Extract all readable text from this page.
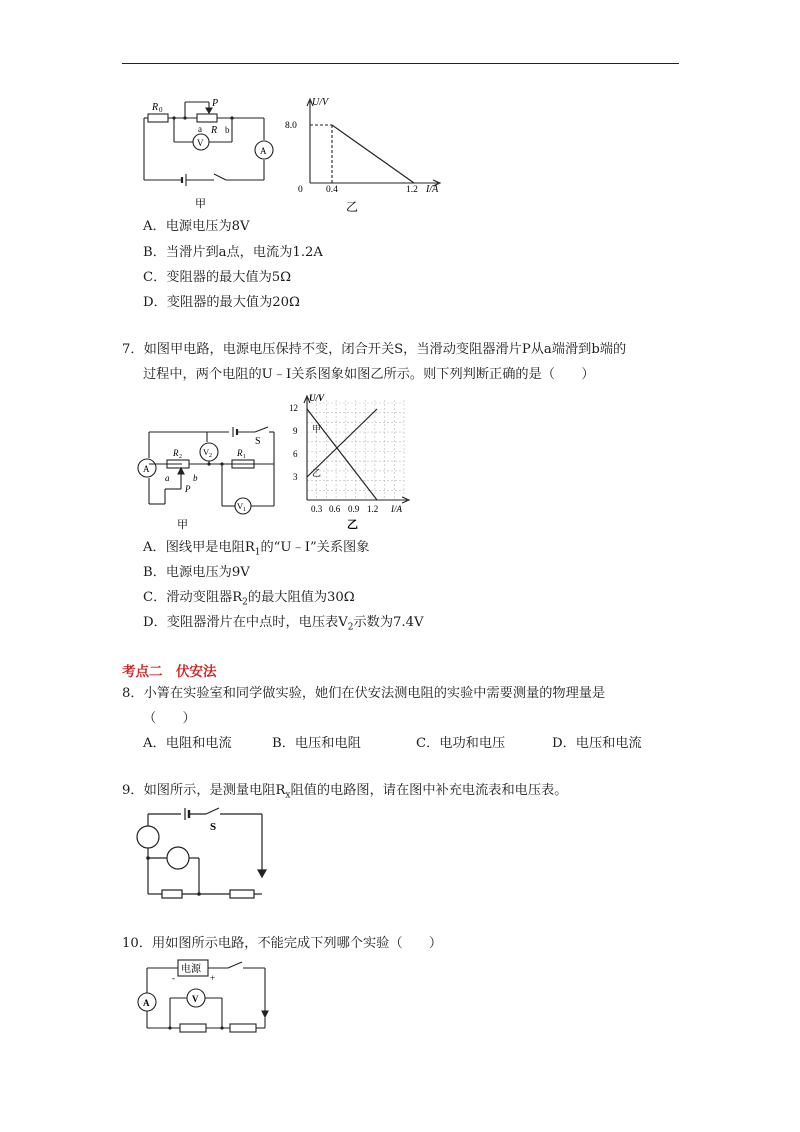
R 0
P
a R b
V
A
甲
U/V
8.0
0 0.4	1.2 I/A
乙
A．电源电压为8V
B．当滑片到a点，电流为1.2A
C．变阻器的最大值为5Ω
D．变阻器的最大值为20Ω
7．如图甲电路，电源电压保持不变，闭合开关S，当滑动变阻器滑片P从a端滑到b端的
过程中，两个电阻的U﹣I关系图象如图乙所示。则下列判断正确的是（　　）
A
V 2
V 1
S
R 2	R 1
a	b
P
甲
U/V
12
9
6
3
0.3 0.6 0.9 1.2 I/A
甲
乙
乙
A．图线甲是电阻$R_1$的“U﹣I”关系图象
B．电源电压为9V
C．滑动变阻器$R_2$的最大阻值为30Ω
D．变阻器滑片在中点时，电压表$V_2$示数为7.4V
考点二　伏安法
8．小箐在实验室和同学做实验，她们在伏安法测电阻的实验中需要测量的物理量是
（　　）
A．电阻和电流	B．电压和电阻	C．电功和电压	D．电压和电流
9．如图所示，是测量电阻$R_x$阻值的电路图，请在图中补充电流表和电压表。
S
10．用如图所示电路，不能完成下列哪个实验（　　）
电源
-	+
A	V
